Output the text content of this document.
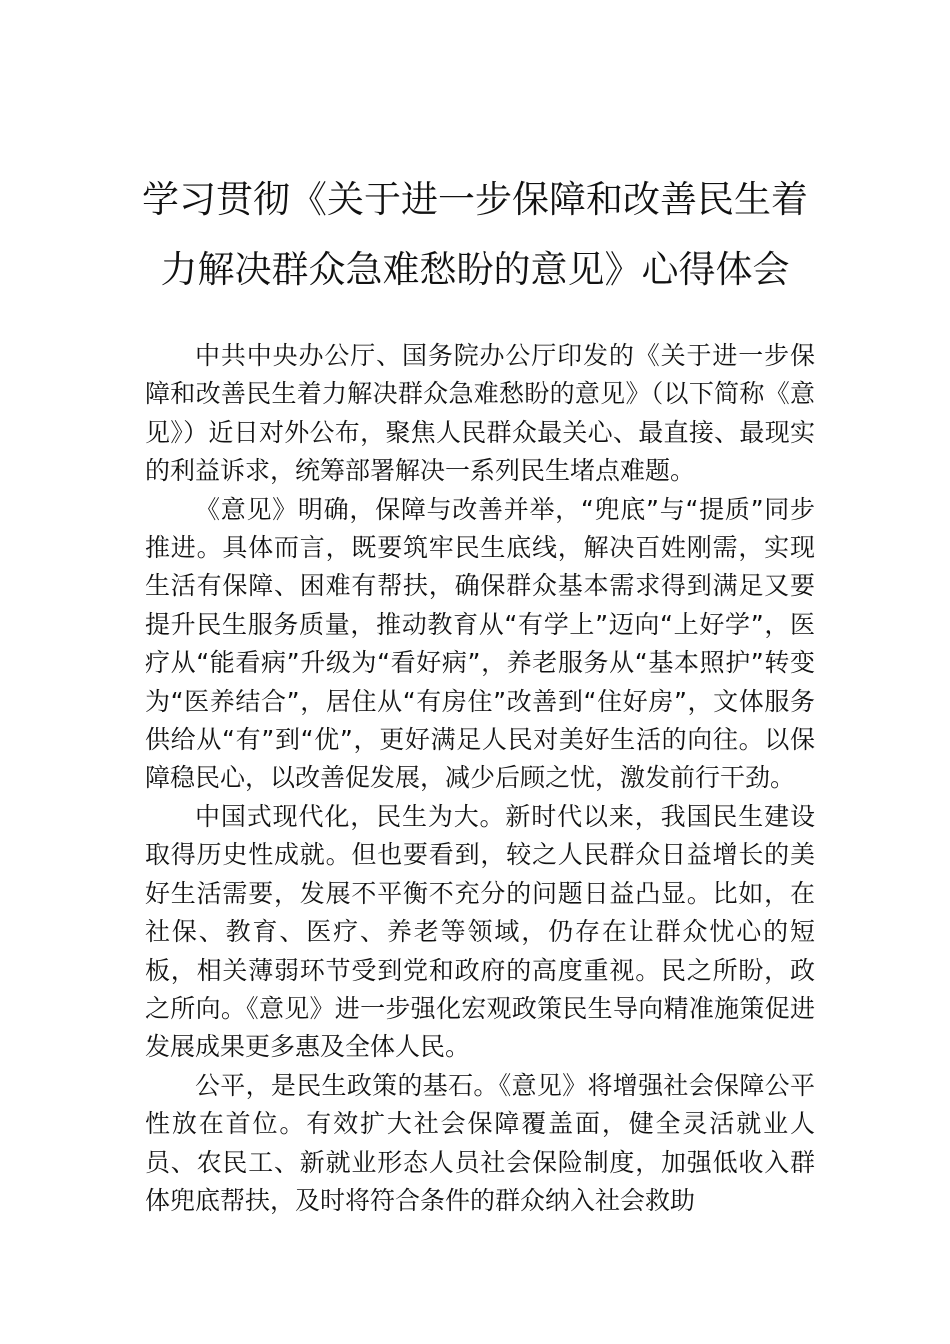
学习贯彻《关于进一步保障和改善民生着
力解决群众急难愁盼的意见》心得体会

中共中央办公厅、国务院办公厅印发的《关于进一步保障和改善民生着力解决群众急难愁盼的意见》（以下简称《意见》）近日对外公布，聚焦人民群众最关心、最直接、最现实的利益诉求，统筹部署解决一系列民生堵点难题。

《意见》明确，保障与改善并举，“兜底”与“提质”同步推进。具体而言，既要筑牢民生底线，解决百姓刚需，实现生活有保障、困难有帮扶，确保群众基本需求得到满足又要提升民生服务质量，推动教育从“有学上”迈向“上好学”，医疗从“能看病”升级为“看好病”，养老服务从“基本照护”转变为“医养结合”，居住从“有房住”改善到“住好房”，文体服务供给从“有”到“优”，更好满足人民对美好生活的向往。以保障稳民心，以改善促发展，减少后顾之忧，激发前行干劲。

中国式现代化，民生为大。新时代以来，我国民生建设取得历史性成就。但也要看到，较之人民群众日益增长的美好生活需要，发展不平衡不充分的问题日益凸显。比如，在社保、教育、医疗、养老等领域，仍存在让群众忧心的短板，相关薄弱环节受到党和政府的高度重视。民之所盼，政之所向。《意见》进一步强化宏观政策民生导向精准施策促进发展成果更多惠及全体人民。

公平，是民生政策的基石。《意见》将增强社会保障公平性放在首位。有效扩大社会保障覆盖面，健全灵活就业人员、农民工、新就业形态人员社会保险制度，加强低收入群体兜底帮扶，及时将符合条件的群众纳入社会救助
